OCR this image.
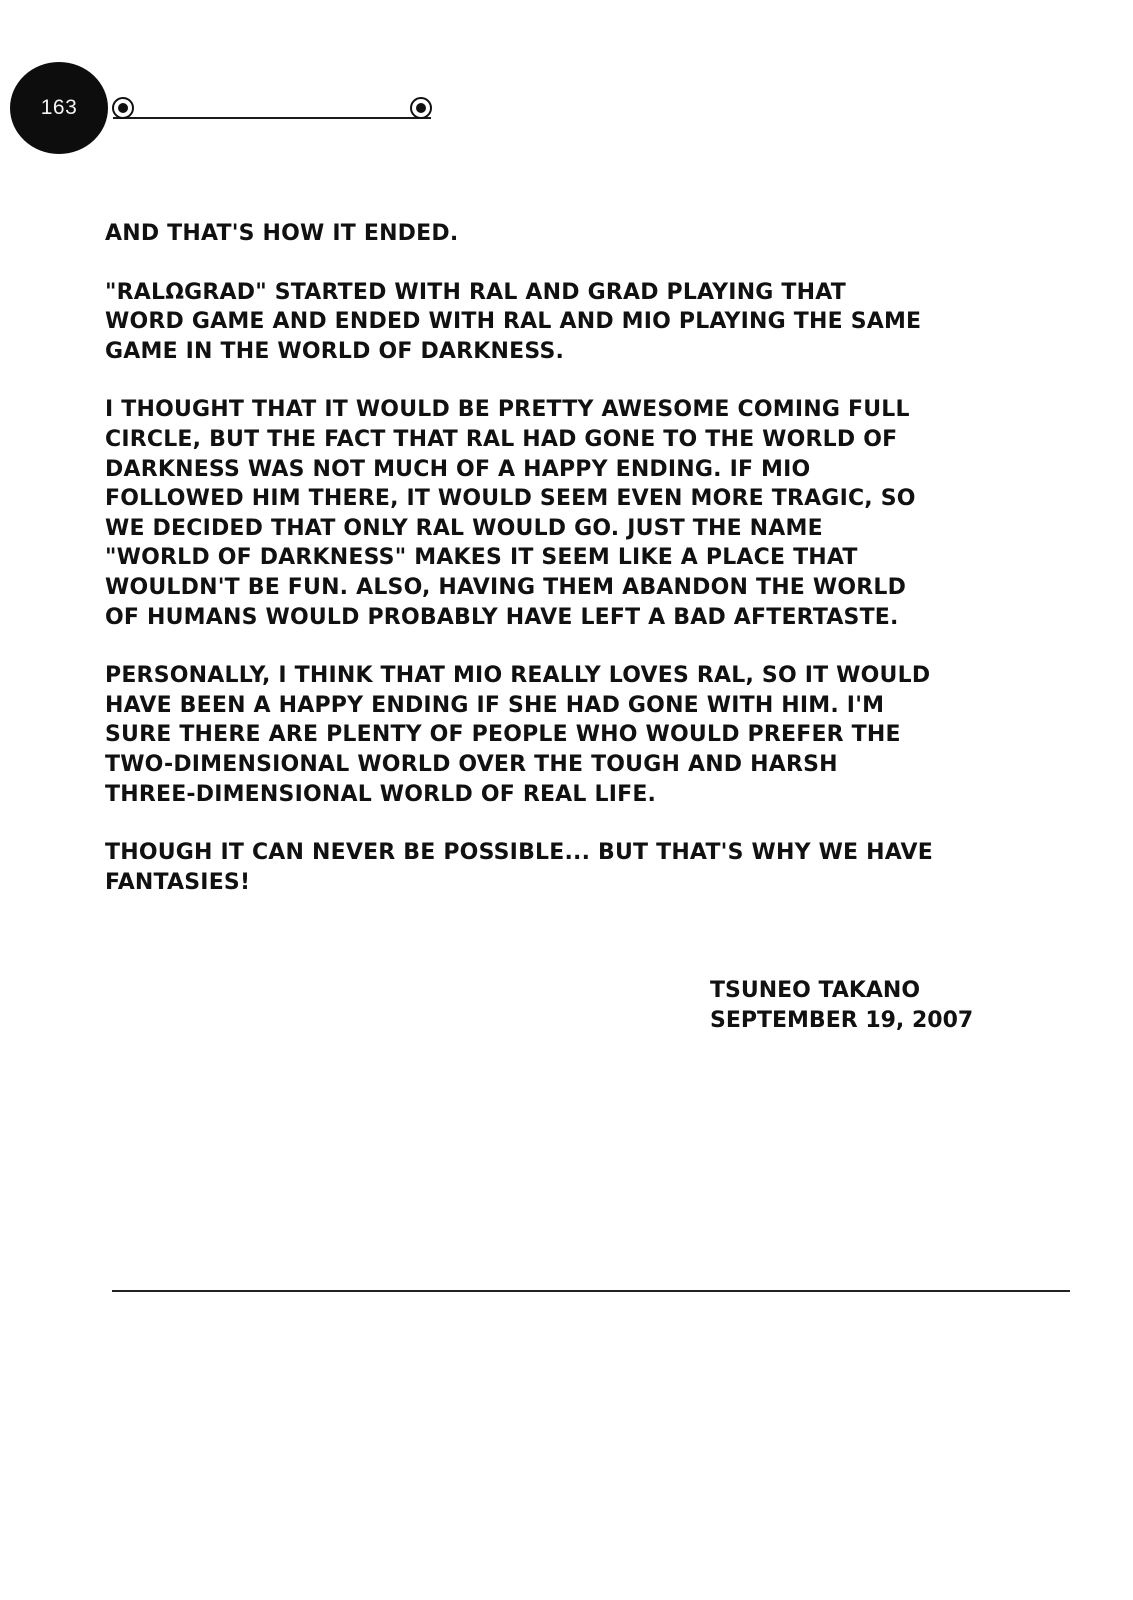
163

AND THAT'S HOW IT ENDED.

"RALΩGRAD" STARTED WITH RAL AND GRAD PLAYING THAT
WORD GAME AND ENDED WITH RAL AND MIO PLAYING THE SAME
GAME IN THE WORLD OF DARKNESS.

I THOUGHT THAT IT WOULD BE PRETTY AWESOME COMING FULL
CIRCLE, BUT THE FACT THAT RAL HAD GONE TO THE WORLD OF
DARKNESS WAS NOT MUCH OF A HAPPY ENDING. IF MIO
FOLLOWED HIM THERE, IT WOULD SEEM EVEN MORE TRAGIC, SO
WE DECIDED THAT ONLY RAL WOULD GO. JUST THE NAME
"WORLD OF DARKNESS" MAKES IT SEEM LIKE A PLACE THAT
WOULDN'T BE FUN. ALSO, HAVING THEM ABANDON THE WORLD
OF HUMANS WOULD PROBABLY HAVE LEFT A BAD AFTERTASTE.

PERSONALLY, I THINK THAT MIO REALLY LOVES RAL, SO IT WOULD
HAVE BEEN A HAPPY ENDING IF SHE HAD GONE WITH HIM. I'M
SURE THERE ARE PLENTY OF PEOPLE WHO WOULD PREFER THE
TWO-DIMENSIONAL WORLD OVER THE TOUGH AND HARSH
THREE-DIMENSIONAL WORLD OF REAL LIFE.

THOUGH IT CAN NEVER BE POSSIBLE... BUT THAT'S WHY WE HAVE
FANTASIES!

TSUNEO TAKANO
SEPTEMBER 19, 2007
